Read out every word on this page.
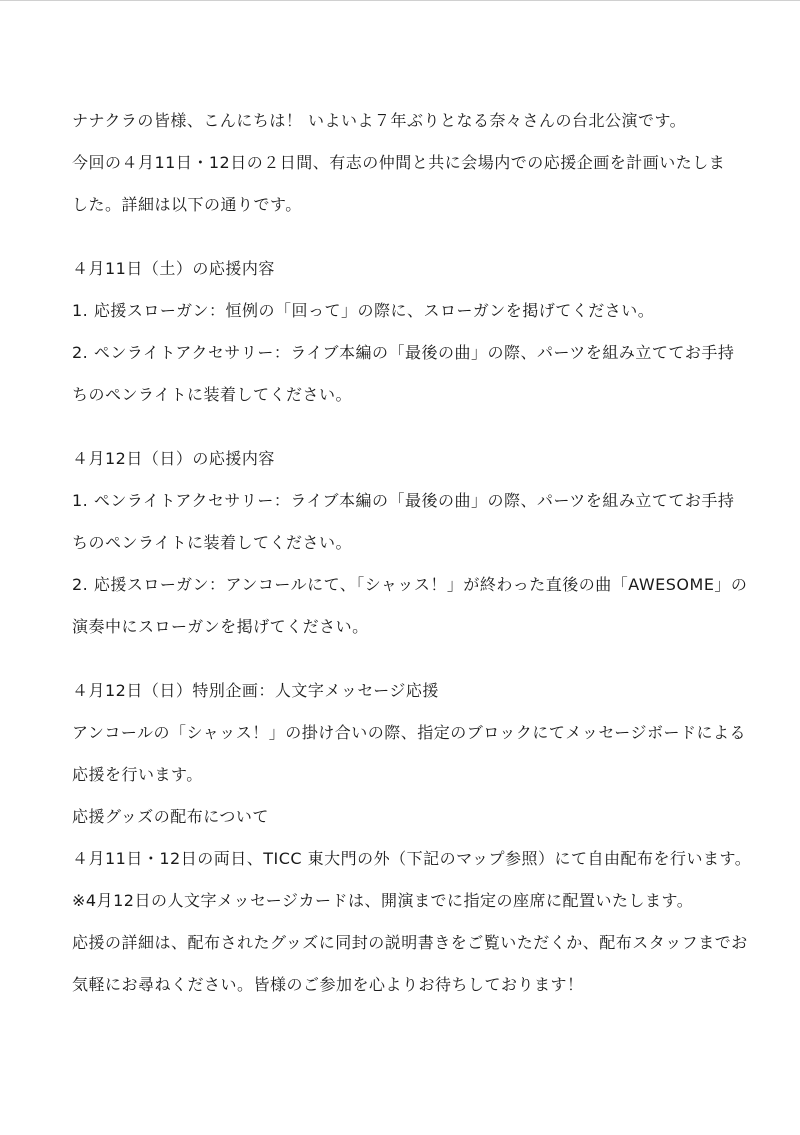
ナナクラの皆様、こんにちは！ いよいよ７年ぶりとなる奈々さんの台北公演です。
今回の４月11日・12日の２日間、有志の仲間と共に会場内での応援企画を計画いたしま
した。詳細は以下の通りです。
４月11日（土）の応援内容
1. 応援スローガン：恒例の「回って」の際に、スローガンを掲げてください。
2. ペンライトアクセサリー：ライブ本編の「最後の曲」の際、パーツを組み立ててお手持
ちのペンライトに装着してください。
４月12日（日）の応援内容
1. ペンライトアクセサリー：ライブ本編の「最後の曲」の際、パーツを組み立ててお手持
ちのペンライトに装着してください。
2. 応援スローガン：アンコールにて、「シャッス！」が終わった直後の曲「AWESOME」の
演奏中にスローガンを掲げてください。
４月12日（日）特別企画：人文字メッセージ応援
アンコールの「シャッス！」の掛け合いの際、指定のブロックにてメッセージボードによる
応援を行います。
応援グッズの配布について
４月11日・12日の両日、TICC 東大門の外（下記のマップ参照）にて自由配布を行います。
※4月12日の人文字メッセージカードは、開演までに指定の座席に配置いたします。
応援の詳細は、配布されたグッズに同封の説明書きをご覧いただくか、配布スタッフまでお
気軽にお尋ねください。皆様のご参加を心よりお待ちしております！
